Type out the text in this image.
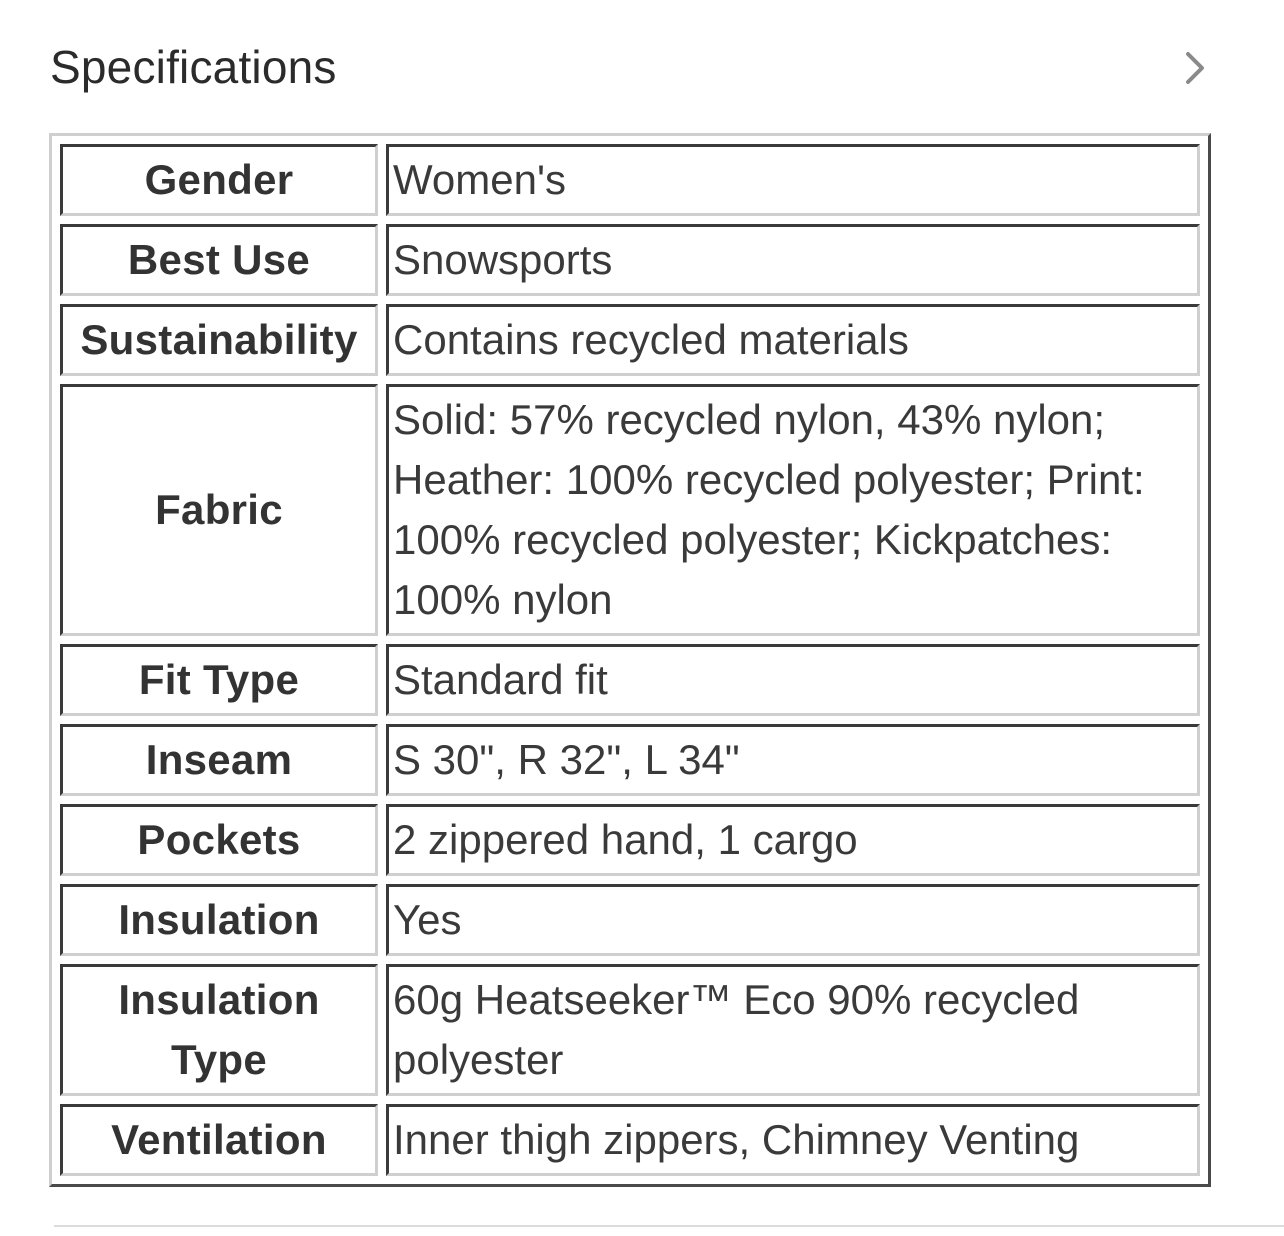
Specifications
Gender	Women's
Best Use	Snowsports
Sustainability	Contains recycled materials
Fabric	Solid: 57% recycled nylon, 43% nylon; Heather: 100% recycled polyester; Print: 100% recycled polyester; Kickpatches: 100% nylon
Fit Type	Standard fit
Inseam	S 30", R 32", L 34"
Pockets	2 zippered hand, 1 cargo
Insulation	Yes
Insulation Type	60g Heatseeker™ Eco 90% recycled polyester
Ventilation	Inner thigh zippers, Chimney Venting
